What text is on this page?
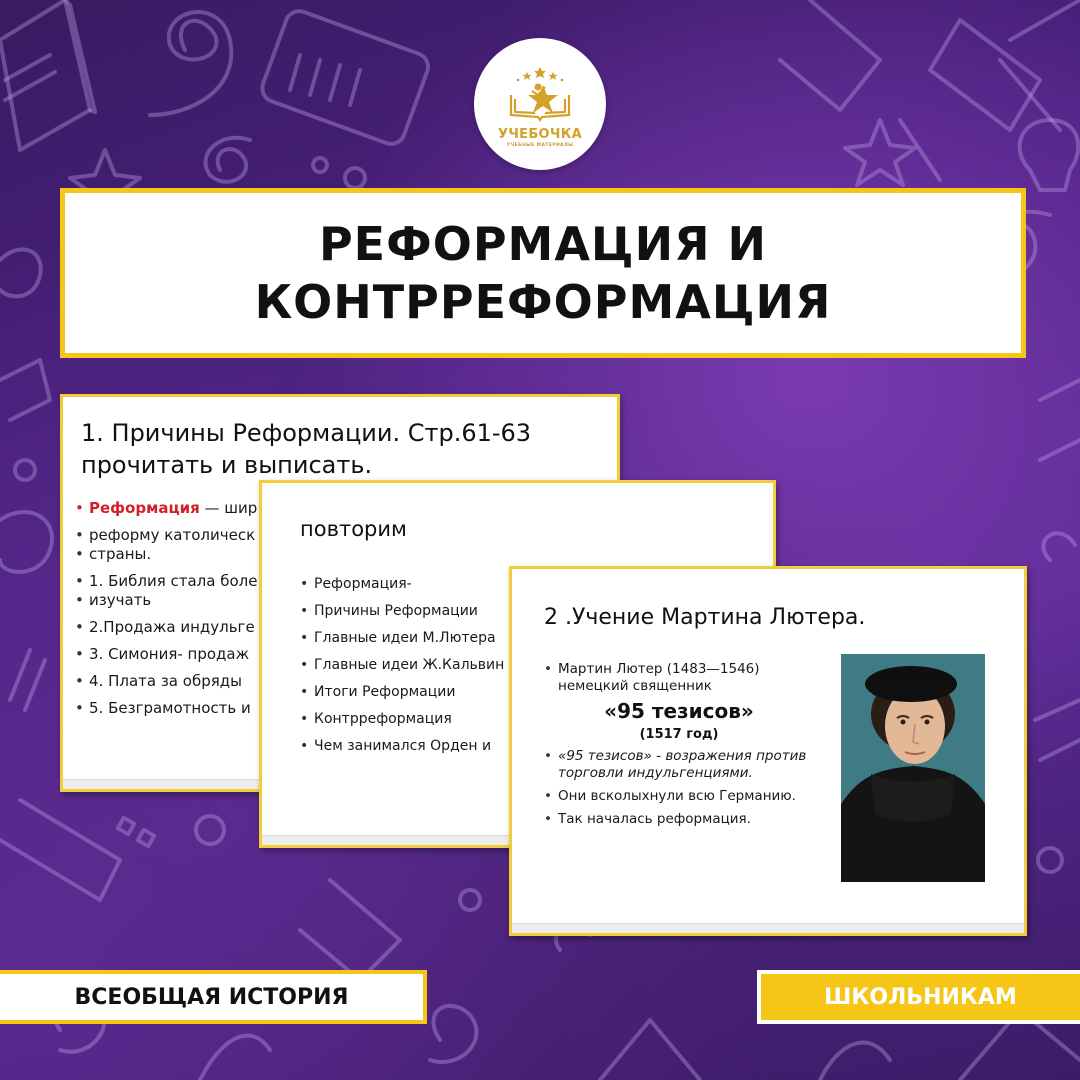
УЧЕБОЧКА
УЧЕБНЫЕ МАТЕРИАЛЫ
РЕФОРМАЦИЯ И
КОНТРРЕФОРМАЦИЯ
1. Причины Реформации. Стр.61-63 прочитать и выписать.
• Реформация — шир
• реформу католическ
• страны.
• 1. Библия стала боле
• изучать
• 2.Продажа индульге
• 3. Симония- продаж
• 4. Плата за обряды
• 5. Безграмотность и
повторим
• Реформация-
• Причины Реформации
• Главные идеи М.Лютера
• Главные идеи Ж.Кальвин
• Итоги Реформации
• Контрреформация
• Чем занимался Орден и
2 .Учение Мартина Лютера.
• Мартин Лютер (1483—1546)
немецкий священник
«95 тезисов»
(1517 год)
• «95 тезисов» - возражения против торговли индульгенциями.
• Они всколыхнули всю Германию.
• Так началась реформация.
ВСЕОБЩАЯ ИСТОРИЯ	ШКОЛЬНИКАМ
